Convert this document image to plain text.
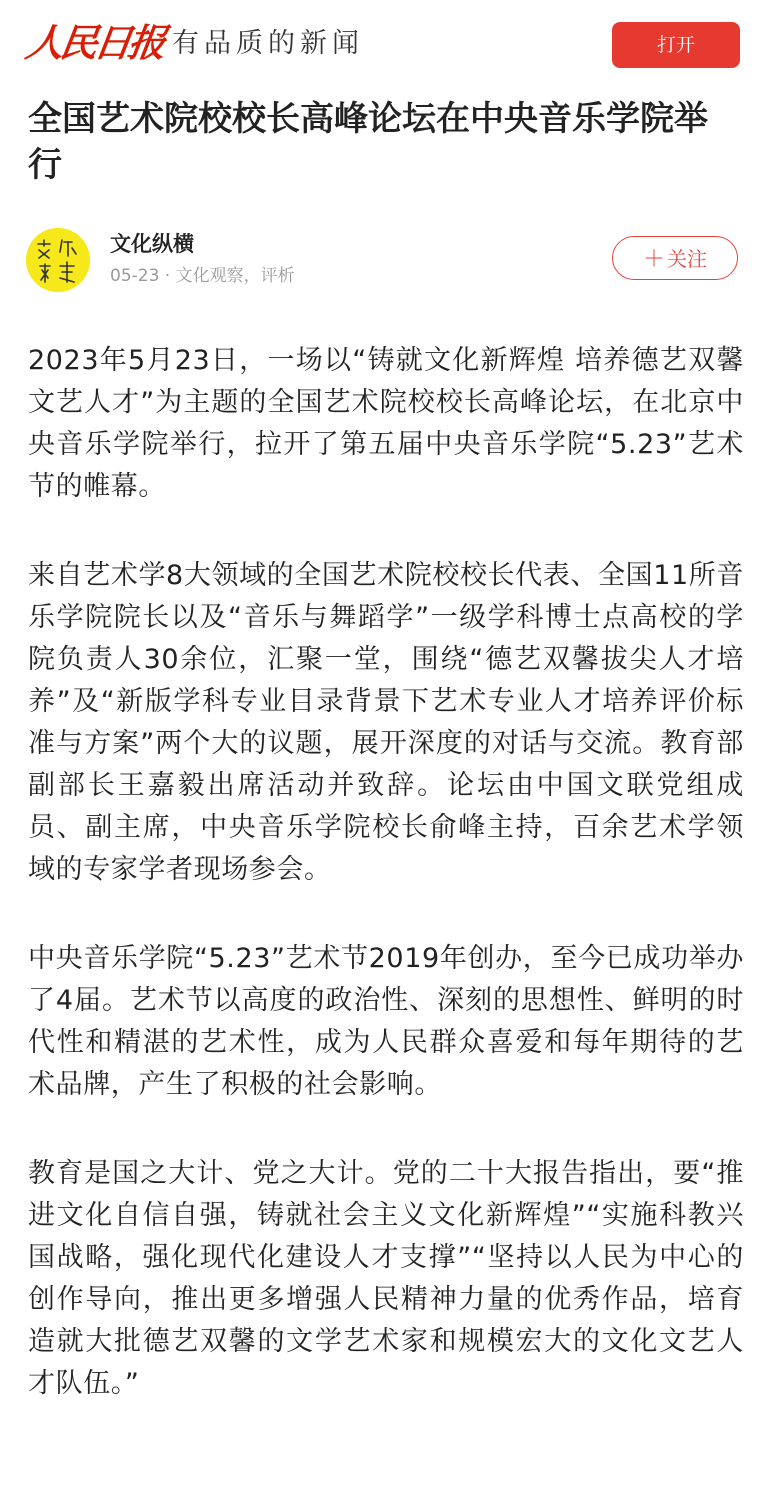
人民日报 有品质的新闻	打开
全国艺术院校校长高峰论坛在中央音乐学院举行
文化纵横
05-23 · 文化观察，评析
＋ 关注

2023年5月23日，一场以“铸就文化新辉煌 培养德艺双馨文艺人才”为主题的全国艺术院校校长高峰论坛，在北京中央音乐学院举行，拉开了第五届中央音乐学院“5.23”艺术节的帷幕。

来自艺术学8大领域的全国艺术院校校长代表、全国11所音乐学院院长以及“音乐与舞蹈学”一级学科博士点高校的学院负责人30余位，汇聚一堂，围绕“德艺双馨拔尖人才培养”及“新版学科专业目录背景下艺术专业人才培养评价标准与方案”两个大的议题，展开深度的对话与交流。教育部副部长王嘉毅出席活动并致辞。论坛由中国文联党组成员、副主席，中央音乐学院校长俞峰主持，百余艺术学领域的专家学者现场参会。

中央音乐学院“5.23”艺术节2019年创办，至今已成功举办了4届。艺术节以高度的政治性、深刻的思想性、鲜明的时代性和精湛的艺术性，成为人民群众喜爱和每年期待的艺术品牌，产生了积极的社会影响。

教育是国之大计、党之大计。党的二十大报告指出，要“推进文化自信自强，铸就社会主义文化新辉煌”“实施科教兴国战略，强化现代化建设人才支撑”“坚持以人民为中心的创作导向，推出更多增强人民精神力量的优秀作品，培育造就大批德艺双馨的文学艺术家和规模宏大的文化文艺人才队伍。”
